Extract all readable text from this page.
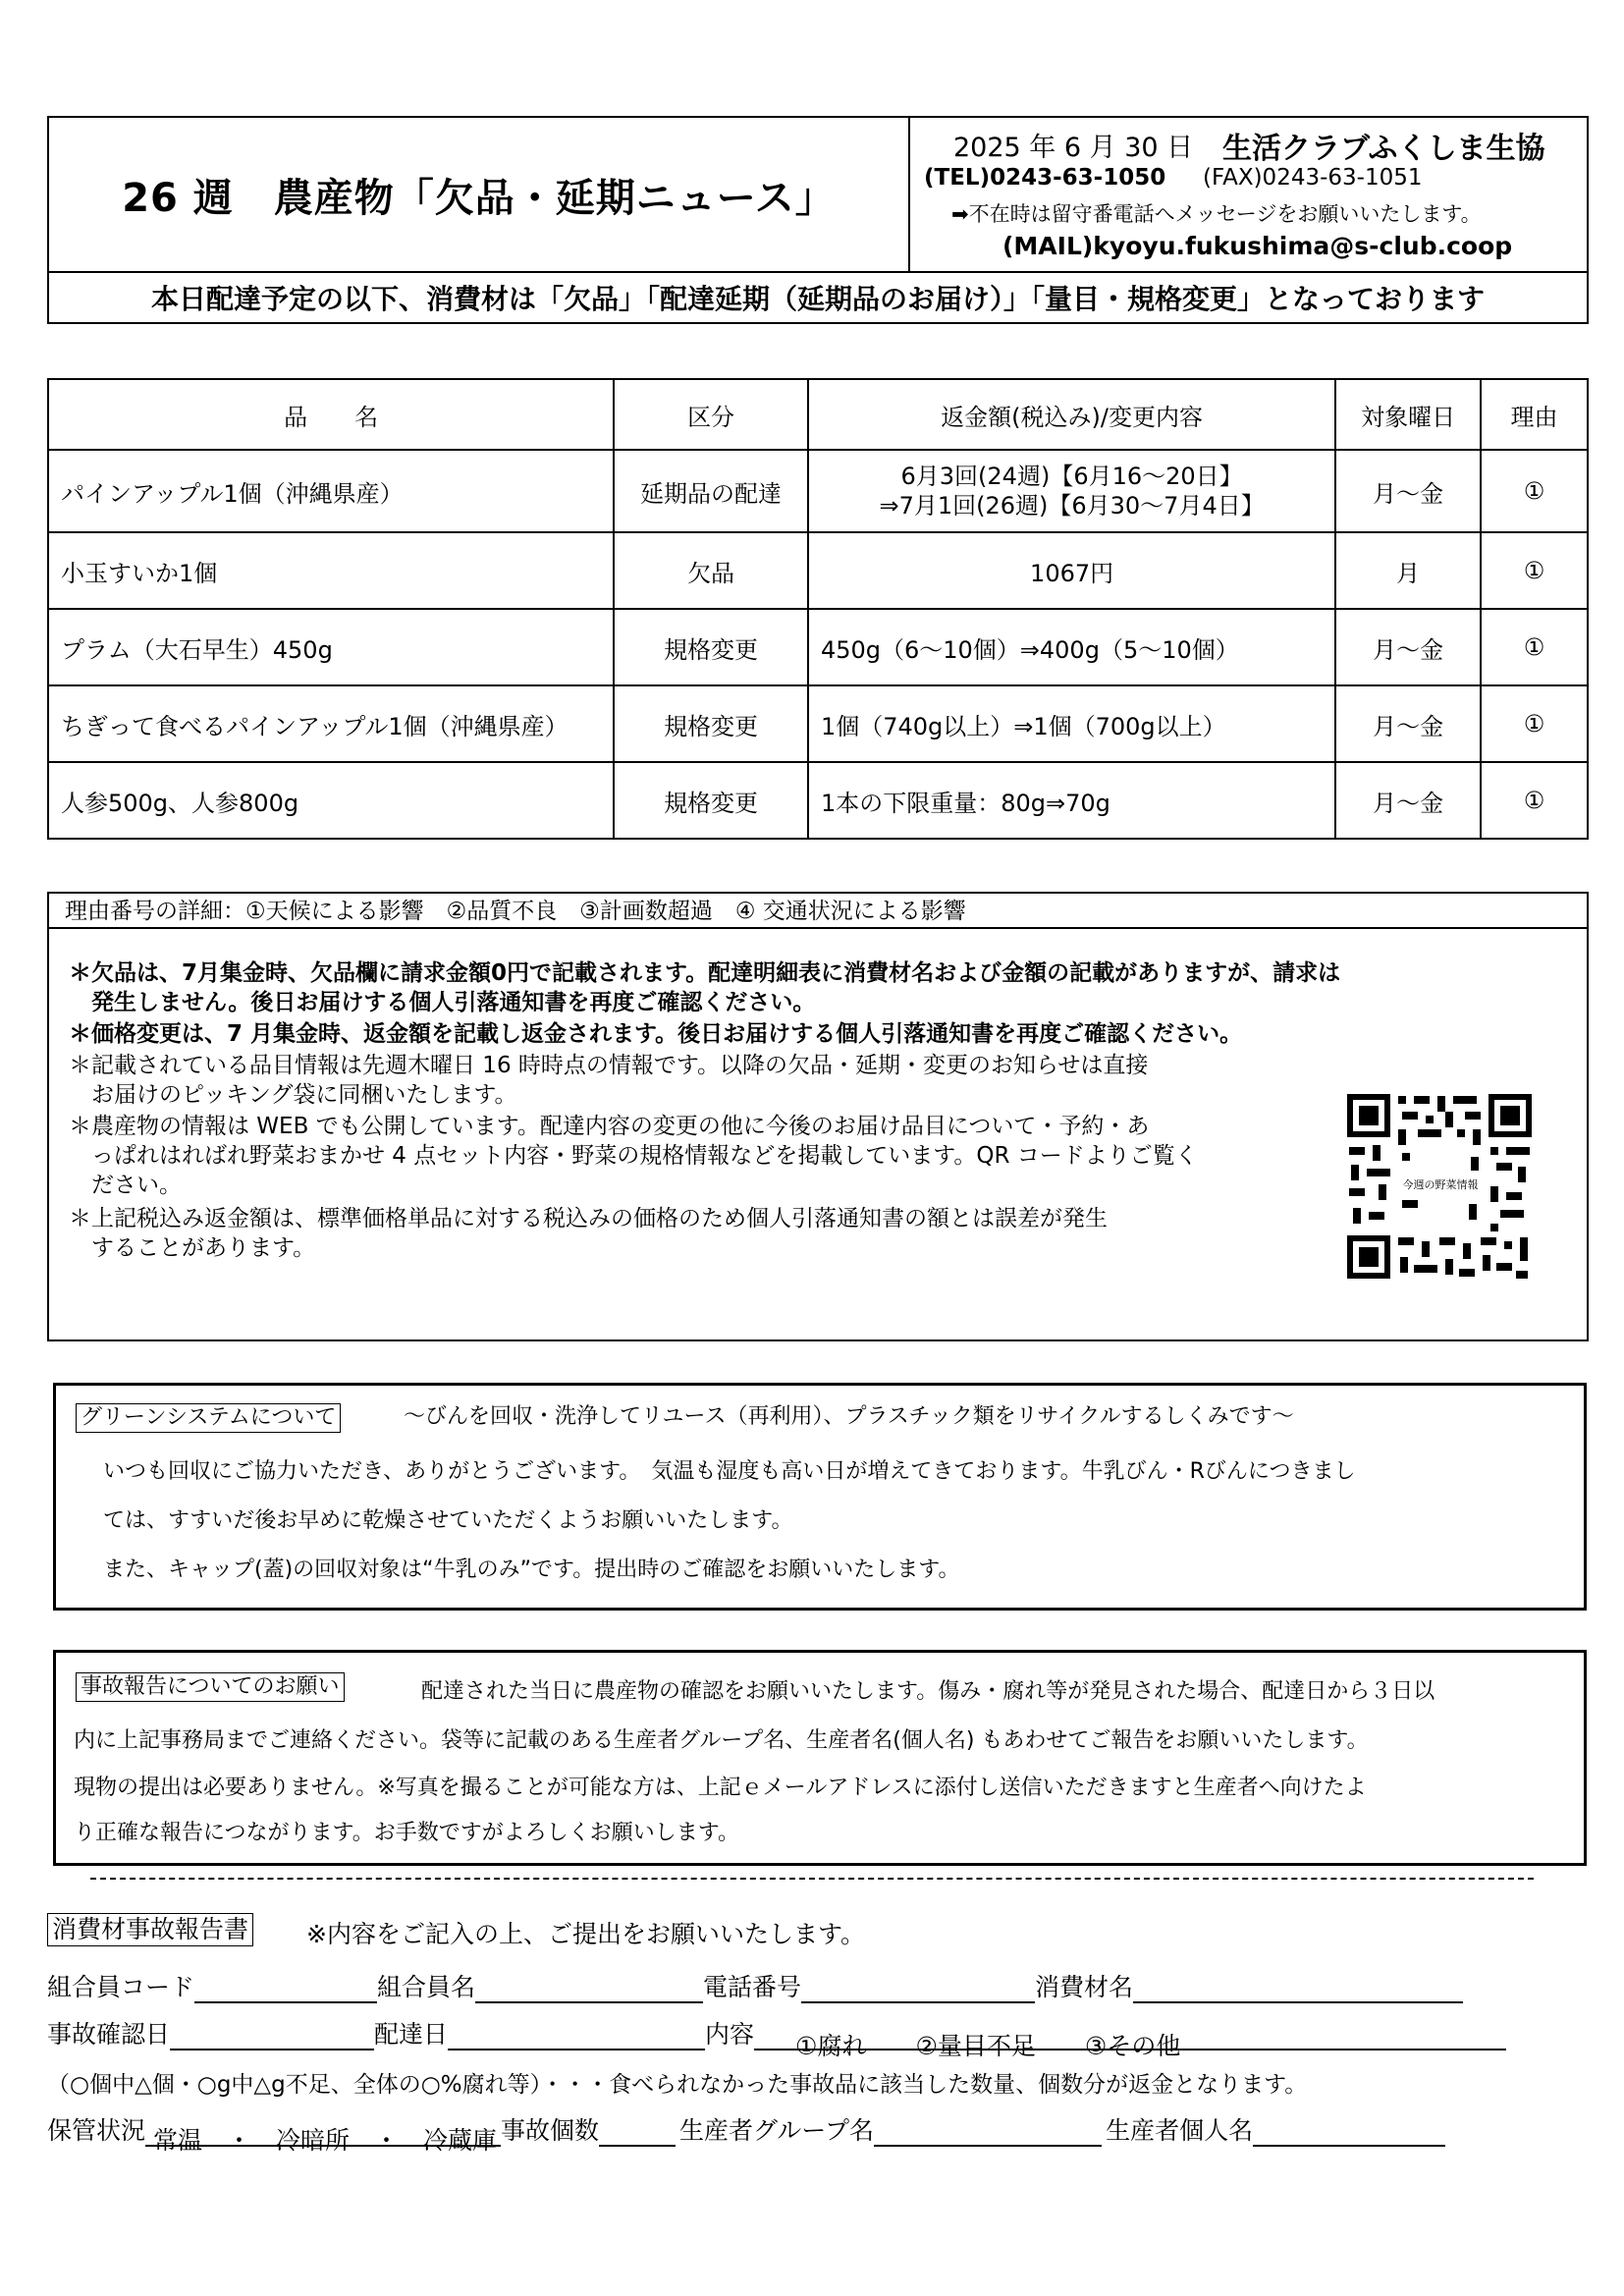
26 週　農産物「欠品・延期ニュース」
2025 年 6 月 30 日 生活クラブふくしま生協
(TEL)0243-63-1050 (FAX)0243-63-1051
➡不在時は留守番電話へメッセージをお願いいたします。
(MAIL)kyoyu.fukushima@s-club.coop
本日配達予定の以下、消費材は「欠品」「配達延期（延期品のお届け）」「量目・規格変更」となっております
品　　名	区分	返金額(税込み)/変更内容	対象曜日	理由
パインアップル1個（沖縄県産）	延期品の配達	6月3回(24週)【6月16～20日】
⇒7月1回(26週)【6月30～7月4日】	月～金	①
小玉すいか1個	欠品	1067円	月	①
プラム（大石早生）450g	規格変更	450g（6～10個）⇒400g（5～10個）	月～金	①
ちぎって食べるパインアップル1個（沖縄県産）	規格変更	1個（740g以上）⇒1個（700g以上）	月～金	①
人参500g、人参800g	規格変更	1本の下限重量：80g⇒70g	月～金	①
理由番号の詳細：①天候による影響　②品質不良　③計画数超過　④ 交通状況による影響
＊欠品は、7月集金時、欠品欄に請求金額0円で記載されます。配達明細表に消費材名および金額の記載がありますが、請求は
　発生しません。後日お届けする個人引落通知書を再度ご確認ください。
＊価格変更は、7 月集金時、返金額を記載し返金されます。後日お届けする個人引落通知書を再度ご確認ください。
＊記載されている品目情報は先週木曜日 16 時時点の情報です。以降の欠品・延期・変更のお知らせは直接
　お届けのピッキング袋に同梱いたします。
＊農産物の情報は WEB でも公開しています。配達内容の変更の他に今後のお届け品目について・予約・あ
　っぱれはればれ野菜おまかせ 4 点セット内容・野菜の規格情報などを掲載しています。QR コードよりご覧く
　ださい。
＊上記税込み返金額は、標準価格単品に対する税込みの価格のため個人引落通知書の額とは誤差が発生
　することがあります。
今週の野菜情報
グリーンシステムについて	～びんを回収・洗浄してリユース（再利用）、プラスチック類をリサイクルするしくみです～
いつも回収にご協力いただき、ありがとうございます。　気温も湿度も高い日が増えてきております。牛乳びん・Rびんにつきまし
ては、すすいだ後お早めに乾燥させていただくようお願いいたします。
また、キャップ(蓋)の回収対象は“牛乳のみ”です。提出時のご確認をお願いいたします。
事故報告についてのお願い	配達された当日に農産物の確認をお願いいたします。傷み・腐れ等が発見された場合、配達日から３日以
内に上記事務局までご連絡ください。袋等に記載のある生産者グループ名、生産者名(個人名) もあわせてご報告をお願いいたします。
現物の提出は必要ありません。※写真を撮ることが可能な方は、上記ｅメールアドレスに添付し送信いただきますと生産者へ向けたよ
り正確な報告につながります。お手数ですがよろしくお願いします。
消費材事故報告書 ※内容をご記入の上、ご提出をお願いいたします。
組合員コード	組合員名	電話番号	消費材名
事故確認日	配達日	内容 ①腐れ　　 ②量目不足　　 ③その他
（○個中△個・○g中△g不足、全体の○%腐れ等）・・・食べられなかった事故品に該当した数量、個数分が返金となります。
保管状況 常温　・　冷暗所　・　冷蔵庫 事故個数	生産者グループ名	生産者個人名
